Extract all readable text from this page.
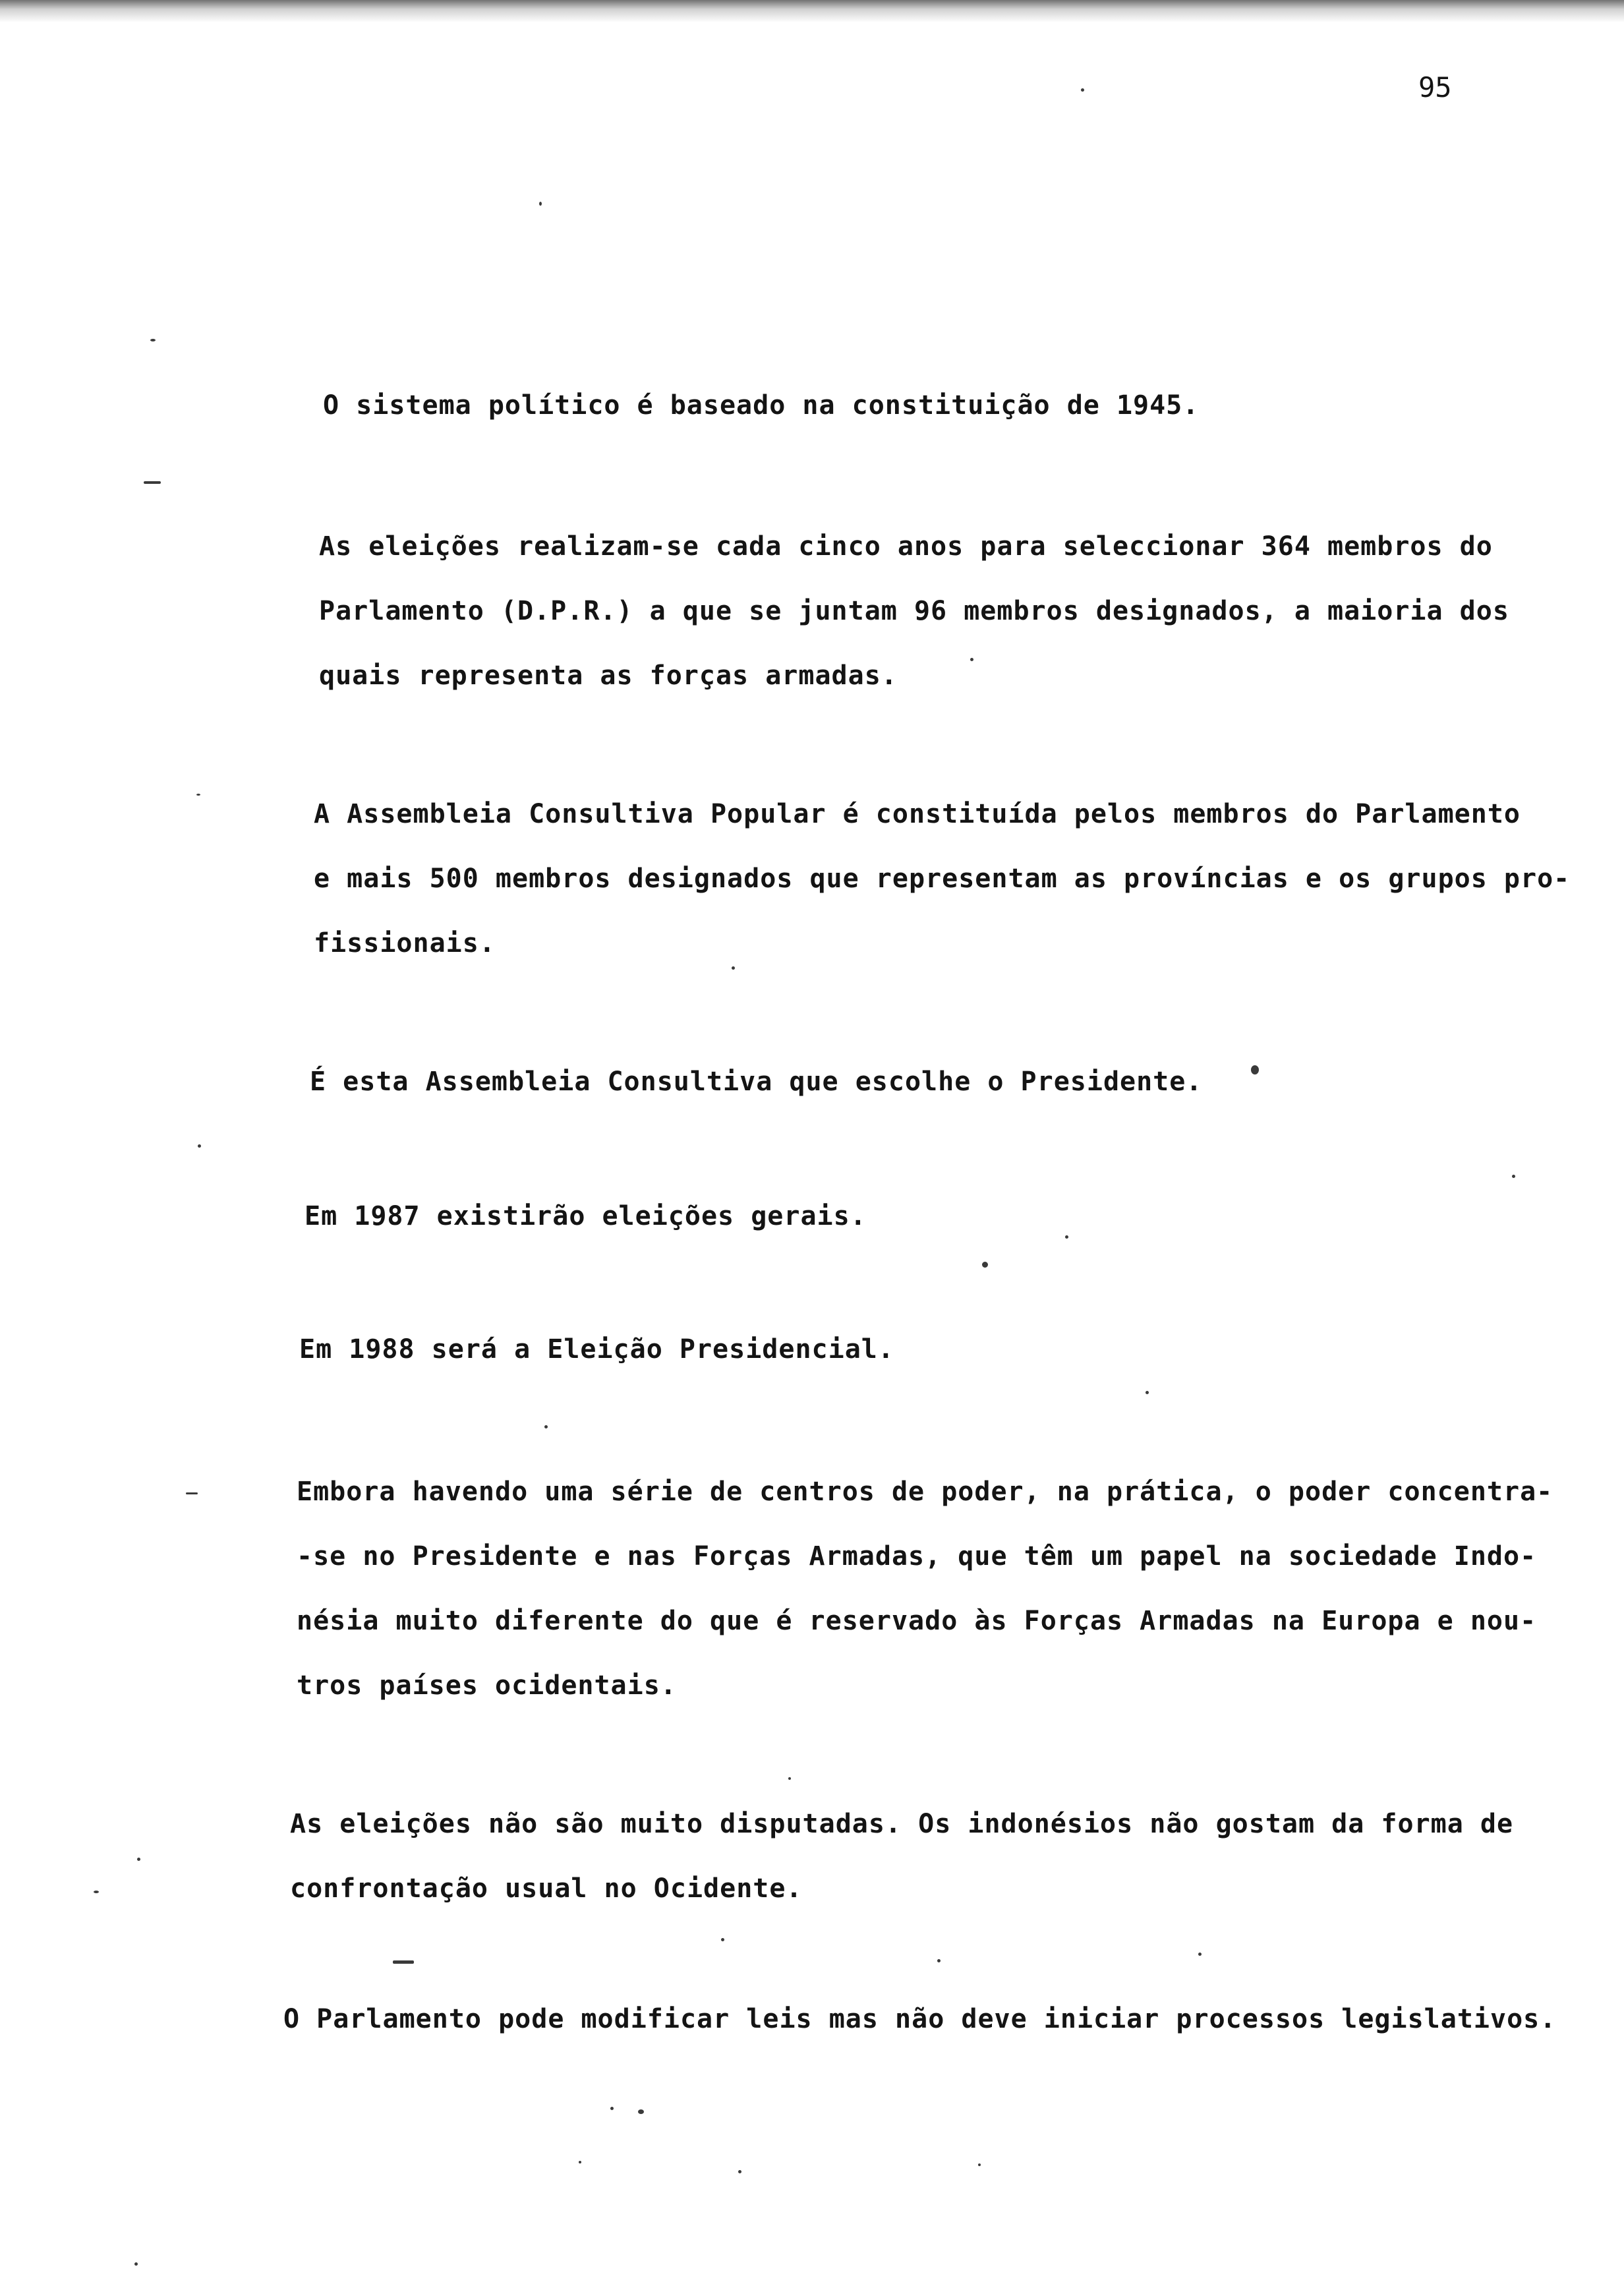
95
O sistema político é baseado na constituição de 1945.
As eleições realizam-se cada cinco anos para seleccionar 364 membros do
Parlamento (D.P.R.) a que se juntam 96 membros designados, a maioria dos
quais representa as forças armadas.
A Assembleia Consultiva Popular é constituída pelos membros do Parlamento
e mais 500 membros designados que representam as províncias e os grupos pro-
fissionais.
É esta Assembleia Consultiva que escolhe o Presidente.
Em 1987 existirão eleições gerais.
Em 1988 será a Eleição Presidencial.
Embora havendo uma série de centros de poder, na prática, o poder concentra-
-se no Presidente e nas Forças Armadas, que têm um papel na sociedade Indo-
nésia muito diferente do que é reservado às Forças Armadas na Europa e nou-
tros países ocidentais.
As eleições não são muito disputadas. Os indonésios não gostam da forma de
confrontação usual no Ocidente.
O Parlamento pode modificar leis mas não deve iniciar processos legislativos.
